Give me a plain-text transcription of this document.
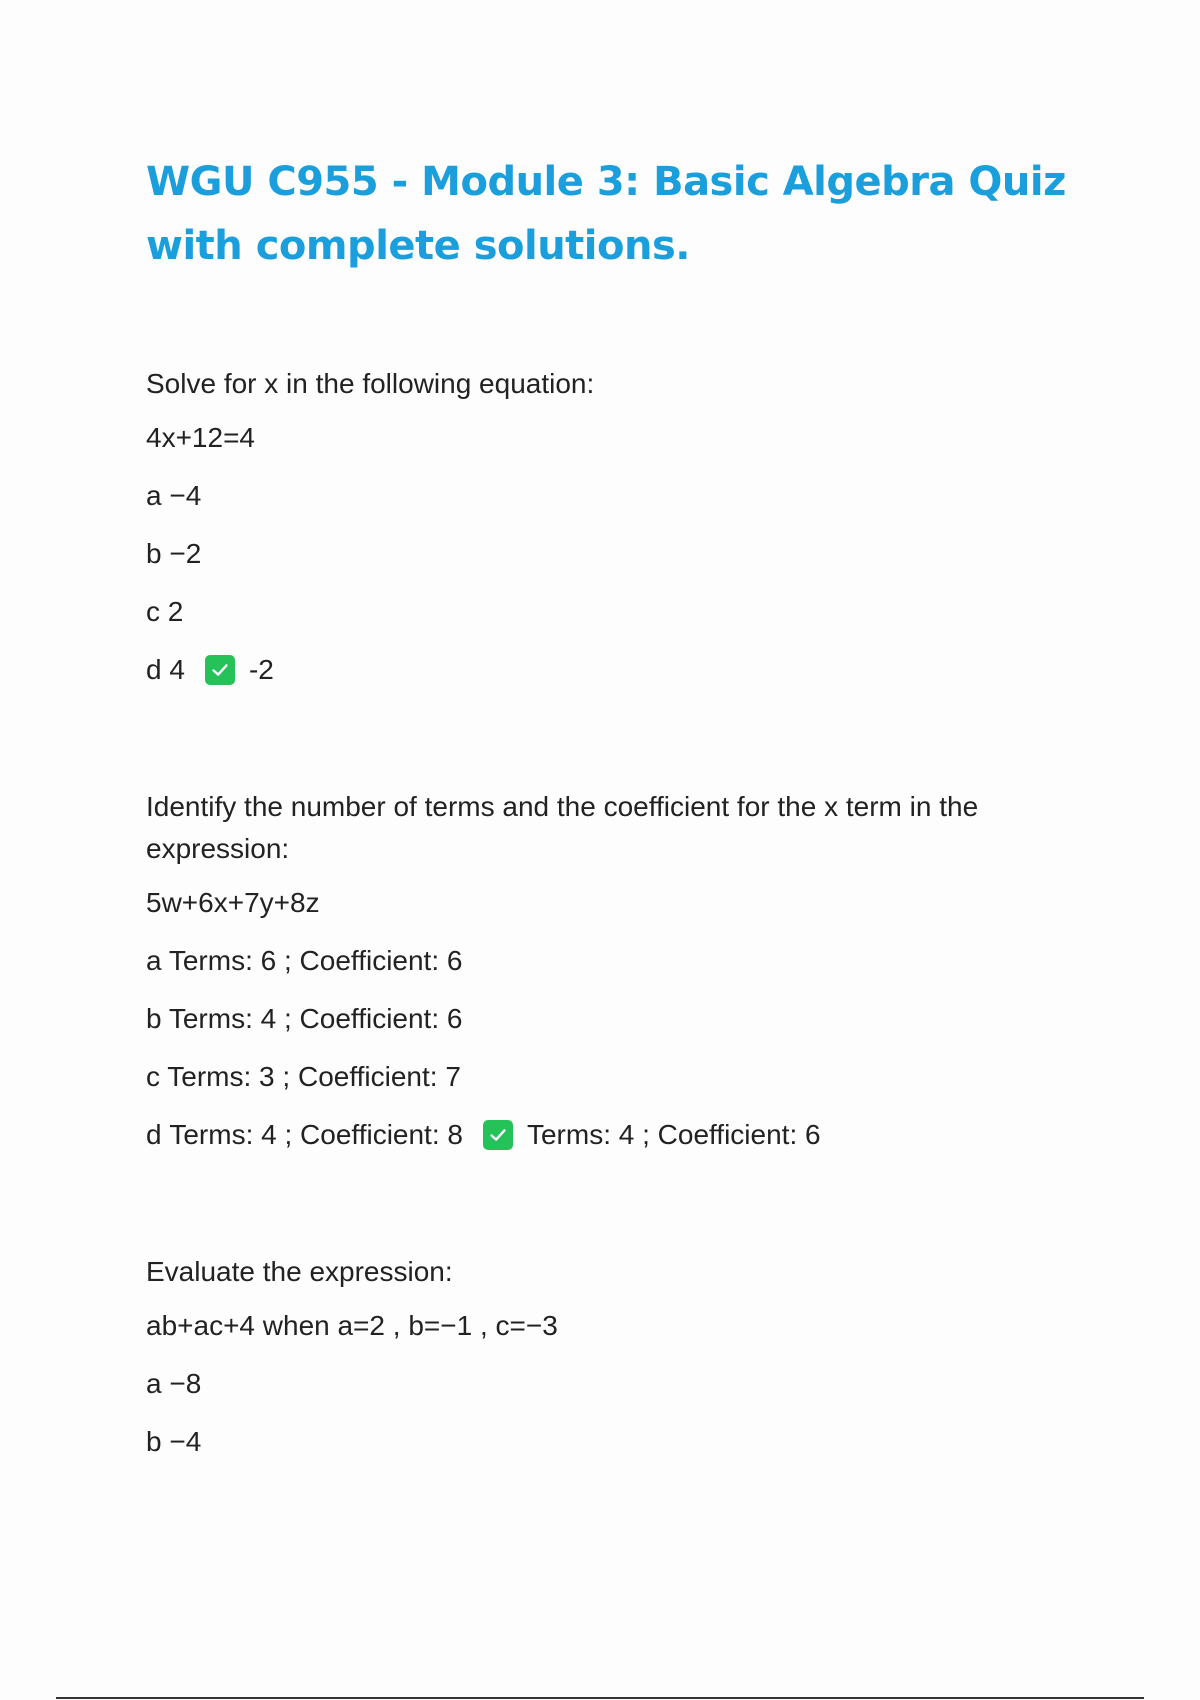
WGU C955 - Module 3: Basic Algebra Quiz with complete solutions.

Solve for x in the following equation:

4x+12=4

a −4

b −2

c 2

d
4 -2

Identify the number of terms and the coefficient for the x term in the expression:

5w+6x+7y+8z

a Terms: 6 ; Coefficient: 6

b Terms: 4 ; Coefficient: 6

c Terms: 3 ; Coefficient: 7

d
Terms: 4 ; Coefficient: 8 Terms: 4 ; Coefficient: 6

Evaluate the expression:

ab+ac+4 when a=2 , b=−1 , c=−3

a −8

b −4
